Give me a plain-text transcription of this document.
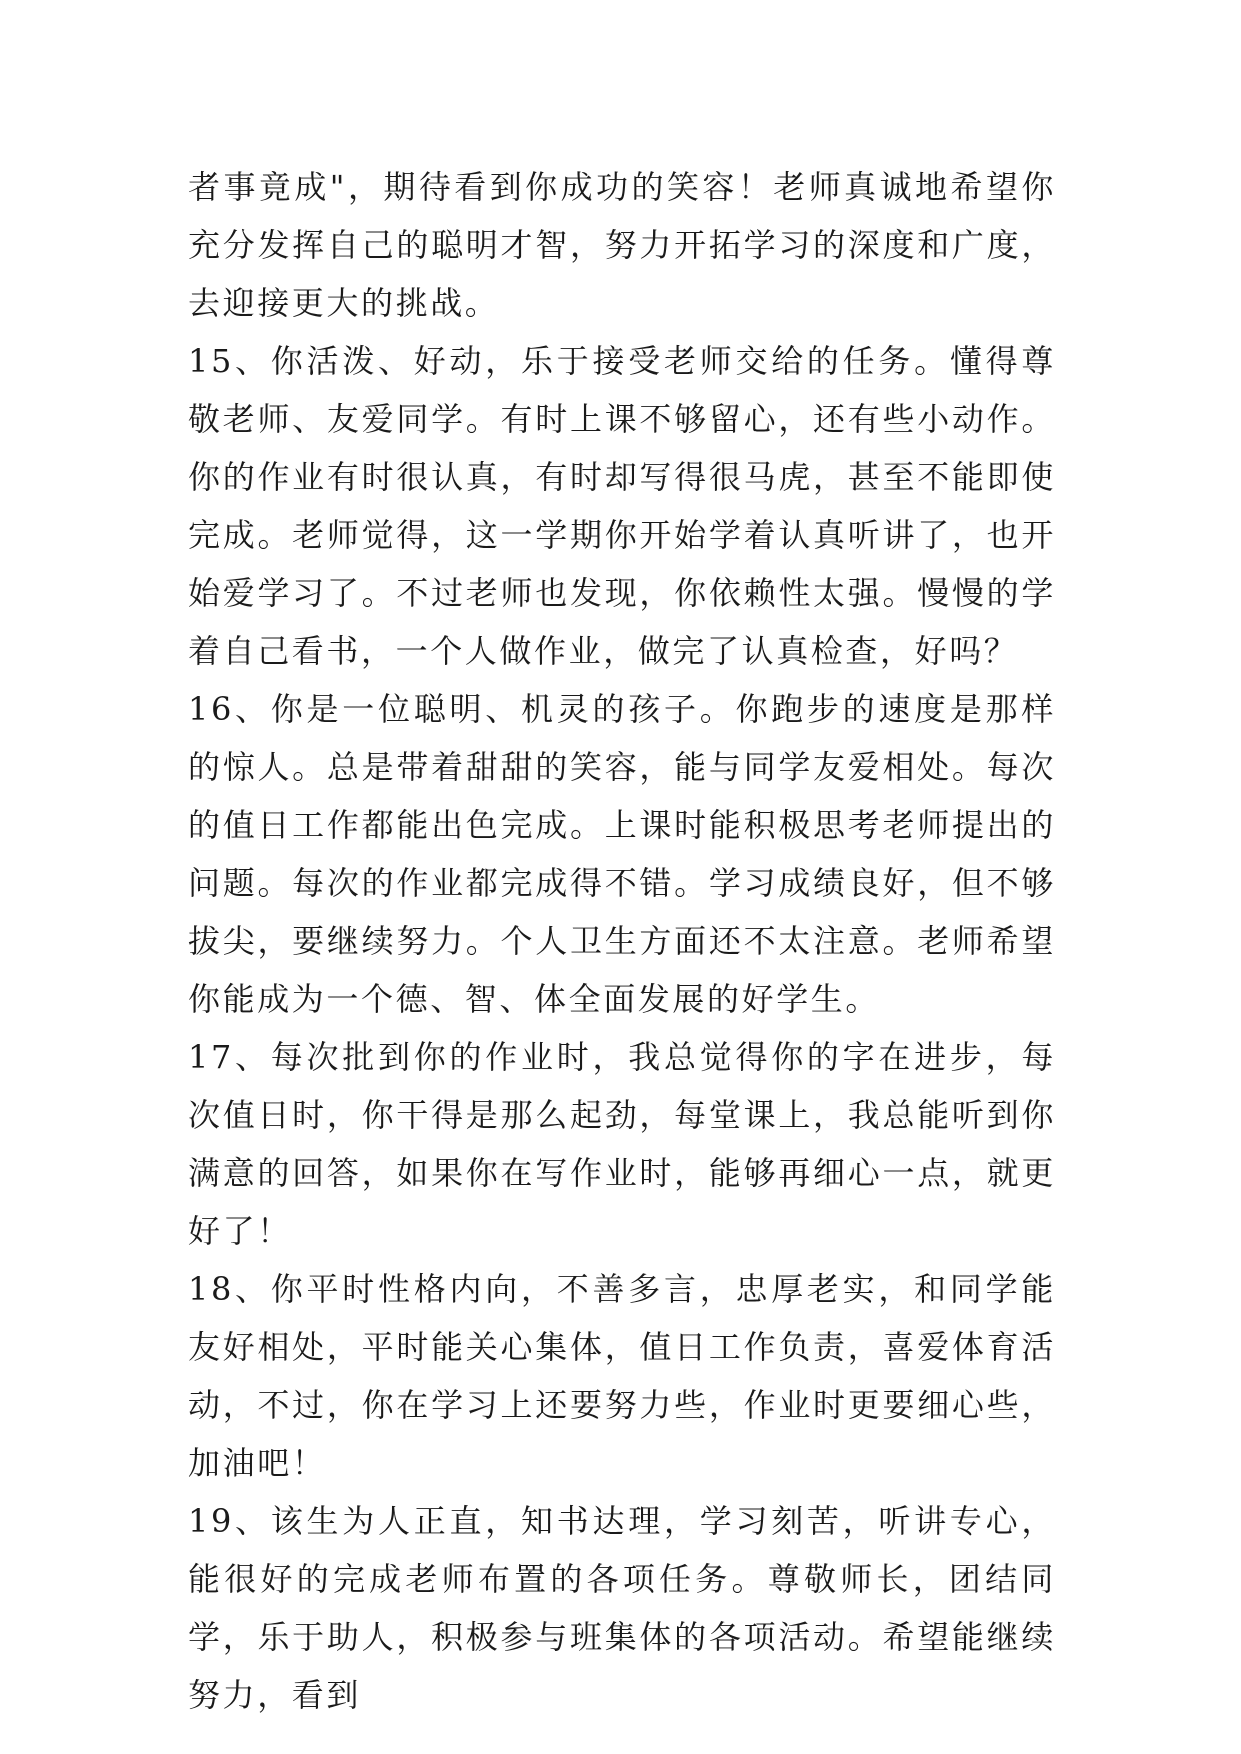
者事竟成"，期待看到你成功的笑容！老师真诚地希望你充分发挥自己的聪明才智，努力开拓学习的深度和广度，去迎接更大的挑战。

15、你活泼、好动，乐于接受老师交给的任务。懂得尊敬老师、友爱同学。有时上课不够留心，还有些小动作。你的作业有时很认真，有时却写得很马虎，甚至不能即使完成。老师觉得，这一学期你开始学着认真听讲了，也开始爱学习了。不过老师也发现，你依赖性太强。慢慢的学着自己看书，一个人做作业，做完了认真检查，好吗？

16、你是一位聪明、机灵的孩子。你跑步的速度是那样的惊人。总是带着甜甜的笑容，能与同学友爱相处。每次的值日工作都能出色完成。上课时能积极思考老师提出的问题。每次的作业都完成得不错。学习成绩良好，但不够拔尖，要继续努力。个人卫生方面还不太注意。老师希望你能成为一个德、智、体全面发展的好学生。

17、每次批到你的作业时，我总觉得你的字在进步，每次值日时，你干得是那么起劲，每堂课上，我总能听到你满意的回答，如果你在写作业时，能够再细心一点，就更好了！

18、你平时性格内向，不善多言，忠厚老实，和同学能友好相处，平时能关心集体，值日工作负责，喜爱体育活动，不过，你在学习上还要努力些，作业时更要细心些，加油吧！

19、该生为人正直，知书达理，学习刻苦，听讲专心，能很好的完成老师布置的各项任务。尊敬师长，团结同学，乐于助人，积极参与班集体的各项活动。希望能继续努力，看到
